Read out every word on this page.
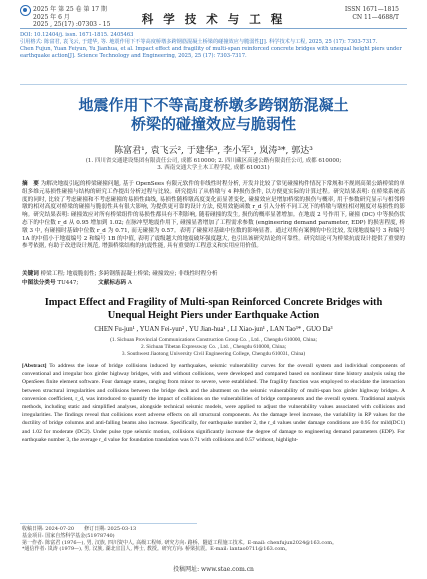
2025 年 第 25 卷 第 17 期
2025 年 6 月
2025 , 25(17) :07303 - 15	科 学 技 术 与 工 程
ISSN 1671—1815
CN 11—4688/T
DOI: 10.12404/j. issn. 1671-1815. 2405463
引用格式: 陈富君, 袁飞云, 于建华, 等. 地震作用下不等高度桥墩多跨钢筋混凝土桥梁的碰撞效应与脆弱性[J]. 科学技术与工程, 2025, 25 (17): 7303-7317.
Chen Fujun, Yuan Feiyun, Yu Jianhua, et al. Impact effect and fragility of multi-span reinforced concrete bridges with unequal height piers under earthquake action[J]. Science Technology and Engineering, 2025, 25 (17): 7303-7317.
地震作用下不等高度桥墩多跨钢筋混凝土
桥梁的碰撞效应与脆弱性
陈富君¹, 袁飞云², 于建华³, 李小军¹, 岚涛³*, 郭达³
(1. 四川省交通建设集团有限责任公司, 成都 610000; 2. 四川藏区高速公路有限责任公司, 成都 610000;
3. 西南交通大学土木工程学院, 成都 610031)
摘　要 为解决地震引起的桥梁碰撞问题, 基于 OpenSees 有限元软件的非线性时程分析, 开发并比较了常见碰撞构件情况下常规和不规则高架公路桥梁的单组多维元易损性碰撞与结构的研究工作提出分析过程与比较。研究提出了从桥墩与 4 种损伤条件, 以方便更实际的计算过程。研究结果表明: 在桥梁系统高度的同时, 比较了考虑碰撞和不考虑碰撞的易损性曲线, 易损性随桥墩高度变化而显著变化, 碰撞效应是增加桥梁的损伤与概率, 用于参数研究显示与相邻桥墩的相对高度对桥梁的碰撞与脆弱性具有很大影响, 为提供更可靠的设计方法, 使用效能函数 r_d 引入分析不同工况下的桥墩与墩柱相对刚度对易损性的影响。研究结果表明: 碰撞效应对所有桥梁组件的易损性都具有不利影响, 随着碰撞的发生, 损伤的概率显著增加。在地震 2 号作用下, 碰撞 (DC) 中等损伤状态下的中位数 r_d 从 0.95 增加到 1.02; 在脉冲型地震作用下, 碰撞显著增加了工程需求参数 (engineering demand parameter, EDP) 的损害程度, 桥墩 3 中, 有碰撞时基础中位数 r_d 为 0.71, 而无碰撞为 0.57。表明了碰撞对基础中位数的影响显著。通过对所有案例的中位比较, 发现地震编号 3 和编号 1A 的中值小于地震编号 2 和编号 1B 的中值, 表明了震级越大的地震破坏强度越大, 也引出该研究结论的可靠性。研究结论可为桥梁抗震设计提供了重要的参考依据, 有助于改进设计规范, 增强桥梁结构的抗震性能, 具有重要的工程意义和实用应用价值。
关键词 桥梁工程; 地震脆弱性; 多跨钢筋混凝土桥梁; 碰撞效应; 非线性时程分析
中图法分类号 TU447;	文献标志码 A
Impact Effect and Fragility of Multi-span Reinforced Concrete Bridges with
Unequal Height Piers under Earthquake Action
CHEN Fu-jun¹ , YUAN Fei-yun² , YU Jian-hua¹ , LI Xiao-jun¹ , LAN Tao³* , GUO Da³
(1. Sichuan Provincial Communications Construction Group Co. , Ltd. , Chengdu 610000, China;
2. Sichuan Tibetan Expressway Co. , Ltd. , Chengdu 610000, China;
3. Southwest Jiaotong University Civil Engineering College, Chengdu 610031, China)
[Abstract] To address the issue of bridge collisions induced by earthquakes, seismic vulnerability curves for the overall system and individual components of conventional and irregular box girder highway bridges, with and without collisions, were developed and compared based on nonlinear time history analysis using the OpenSees finite element software. Four damage states, ranging from minor to severe, were established. The fragility function was employed to elucidate the interaction between structural irregularities and collisions between the bridge deck and the abutment on the seismic vulnerability of multi-span box girder highway bridges. A conversion coefficient, r_d, was introduced to quantify the impact of collisions on the vulnerabilities of bridge components and the overall system. Traditional analysis methods, including static and simplified analyses, alongside technical seismic models, were applied to adjust the vulnerability values associated with collisions and irregularities. The findings reveal that collisions exert adverse effects on all structural components. As the damage level increase, the variability in RP values for the ductility of bridge columns and anti-falling beams also increase. Specifically, for earthquake number 2, the r_d values under damage conditions are 0.95 for mild(DC1) and 1.02 for moderate (DC2). Under pulse type seismic motion, collisions significantly increase the degree of damage to engineering demand parameters (EDP). For earthquake number 3, the average r_d value for foundation translation was 0.71 with collisions and 0.57 without, highlight-
收稿日期: 2024-07-20　　修订日期: 2025-03-13
基金项目: 国家自然科学基金(51978740)
第一作者: 陈富君 (1976—), 男, 汉族, 四川资中人, 高级工程师, 研究方向: 路桥、隧道工程施工技术。E-mail: chenfujun2024@163.com。
*通信作者: 岚涛 (1979—), 男, 汉族, 湖北宜昌人, 博士, 教授。研究方向: 桥梁抗震。E-mail: lantao0711@163.com。
投稿网址: www.stae.com.cn
